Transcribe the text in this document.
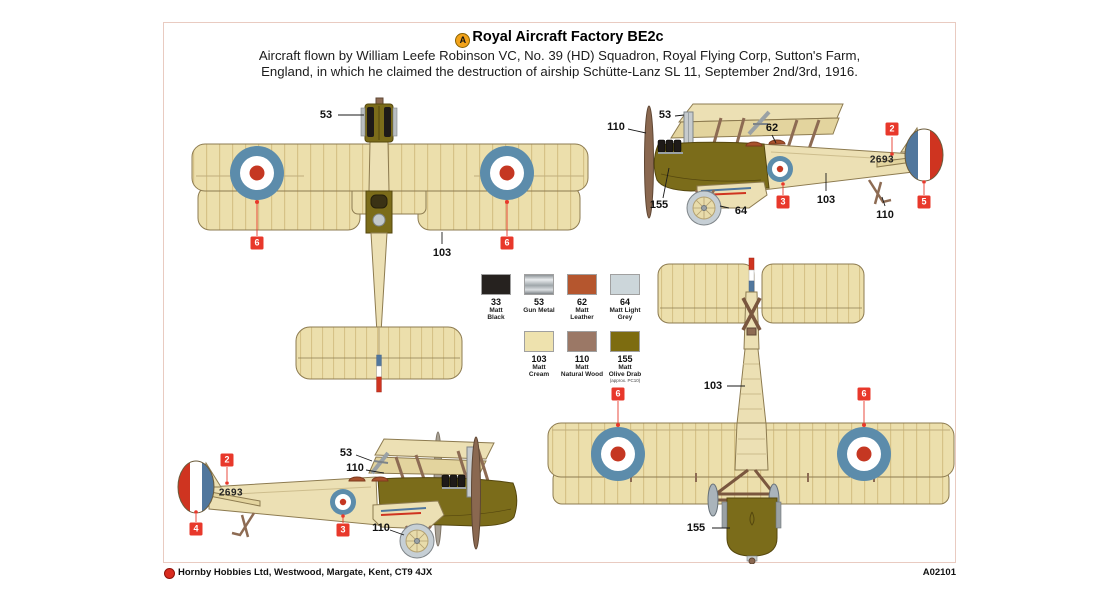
A Royal Aircraft Factory BE2c
Aircraft flown by William Leefe Robinson VC, No. 39 (HD) Squadron, Royal Flying Corp, Sutton's Farm,
England, in which he claimed the destruction of airship Schütte-Lanz SL 11, September 2nd/3rd, 1916.
53
103
6	6
110
53
62	2
2693
155	64
3	103
110
5
2
2693
4
53
110
3	110
103
6	6
155
33
Matt
Black
53
Gun Metal
62
Matt
Leather
64
Matt Light
Grey
103
Matt
Cream
110
Matt
Natural Wood
155
Matt
Olive Drab
(approx. PC10)
Hornby Hobbies Ltd, Westwood, Margate, Kent, CT9 4JX	A02101
